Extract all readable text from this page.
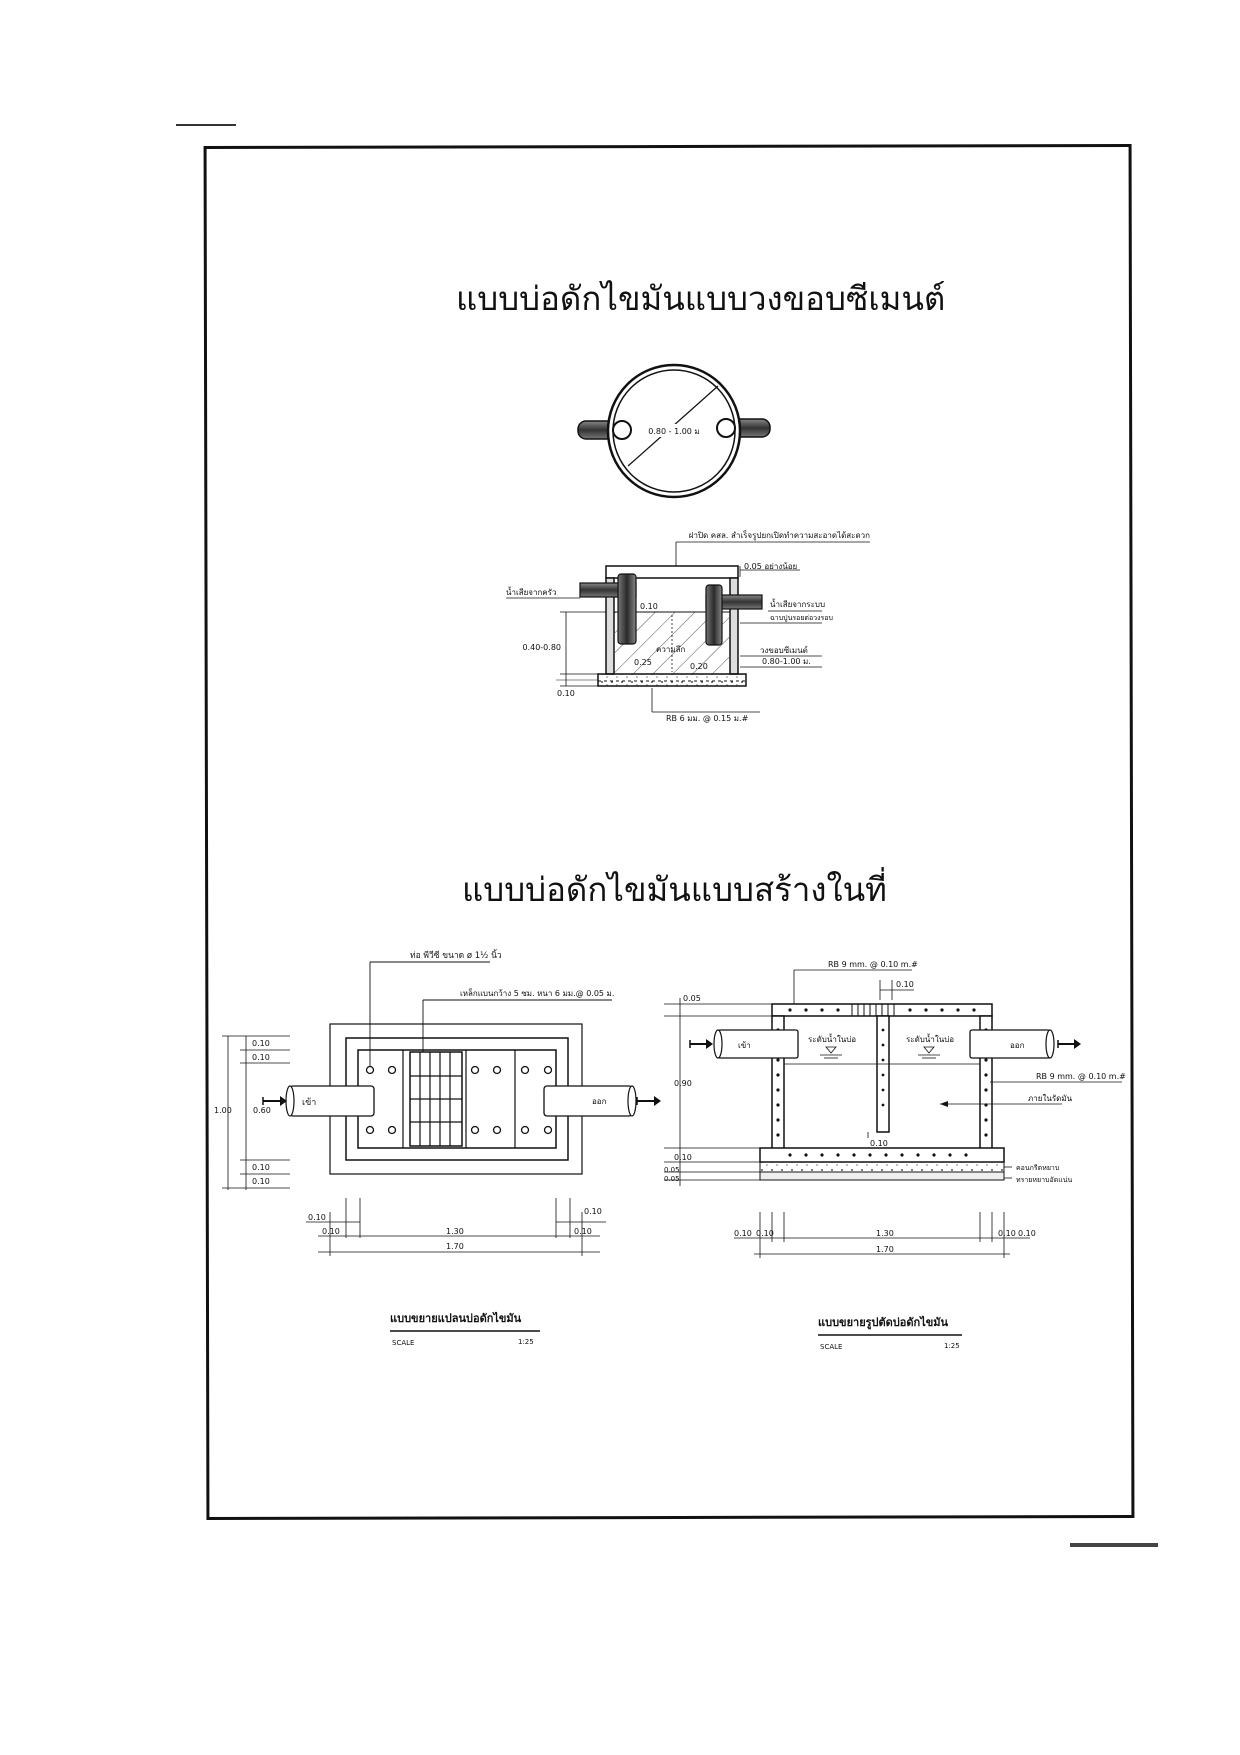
แบบบ่อดักไขมันแบบวงขอบซีเมนต์
แบบบ่อดักไขมันแบบสร้างในที่
0.80 - 1.00 ม
ฝาปิด คสล. สำเร็จรูปยกเปิดทำความสะอาดได้สะดวก
0.05 อย่างน้อย
น้ำเสียจากครัว
น้ำเสียจากระบบ
ฉาบปูนรอยต่อวงรอบ
0.10
ความลึก
0.25	0.20
0.40-0.80
0.10
วงขอบซีเมนต์
0.80-1.00 ม.
RB 6 มม. @ 0.15 ม.#
เข้า	ออก
ท่อ พีวีซี ขนาด ø 1½ นิ้ว
เหล็กแบนกว้าง 5 ซม. หนา 6 มม.@ 0.05 ม.
0.10
0.10
0.60
0.10
0.10
1.00
0.10
0.10
0.10	1.30	0.10
1.70
แบบขยายแปลนบ่อดักไขมัน
SCALE	1:25
เข้า	ออก
ระดับน้ำในบ่อ	ระดับน้ำในบ่อ
0.05
0.90
0.10
0.05
0.05
RB 9 mm. @ 0.10 m.#
0.10
RB 9 mm. @ 0.10 m.#
ภายในรัดมัน
0.10
คอนกรีตหยาบ
ทรายหยาบอัดแน่น
0.10 0.10	1.30	0.10 0.10
1.70
แบบขยายรูปตัดบ่อดักไขมัน
SCALE	1:25
